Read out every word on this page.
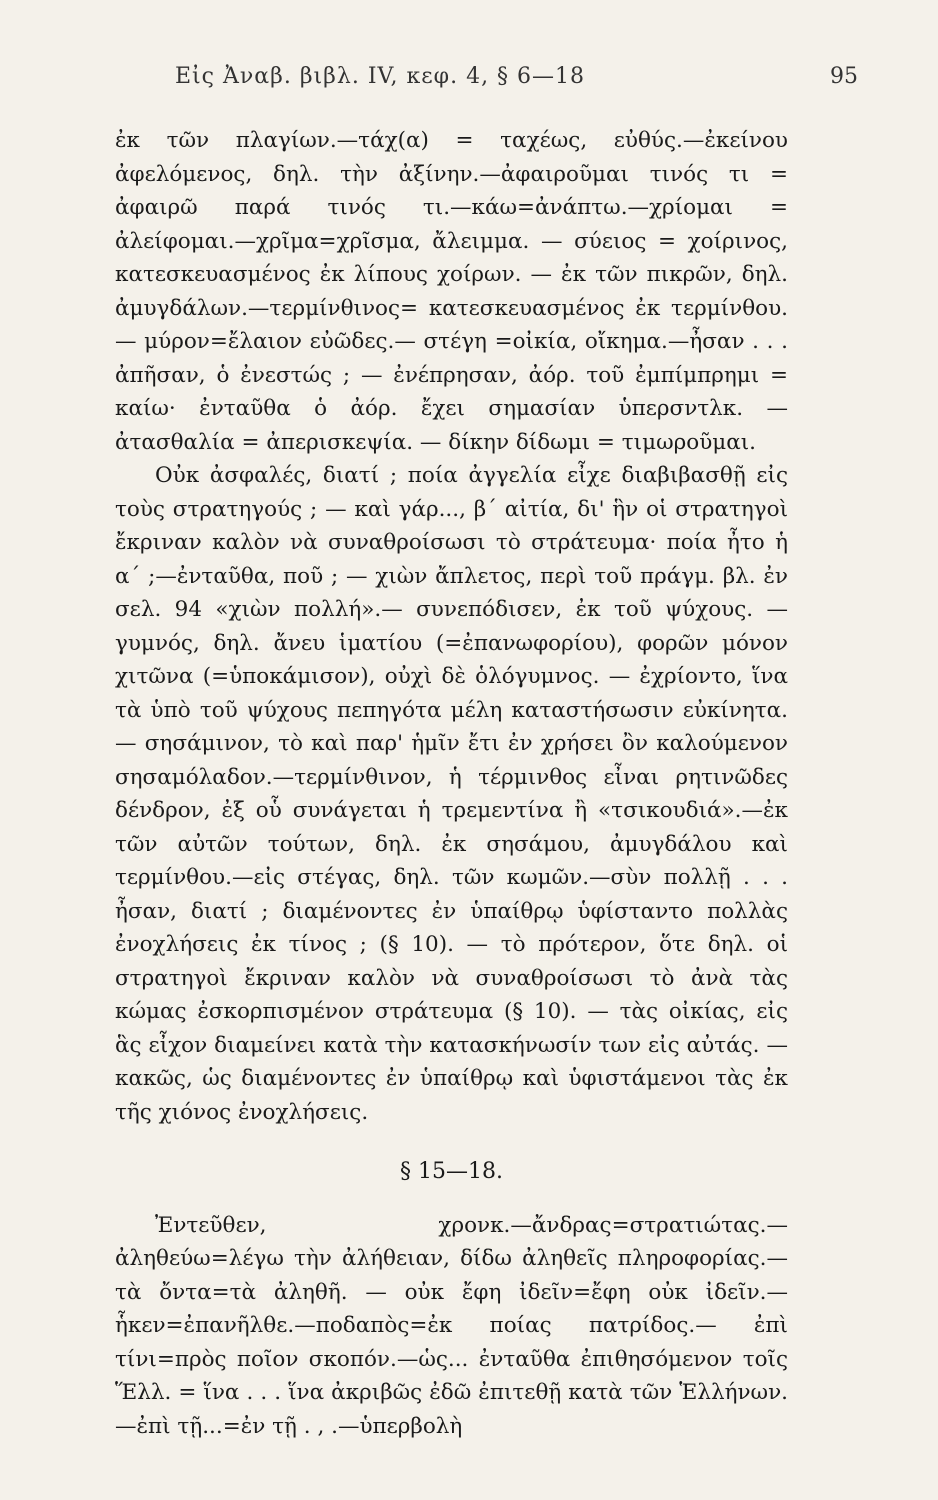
Εἰς Ἀναβ. βιβλ. IV, κεφ. 4, § 6—18	95

ἐκ τῶν πλαγίων.—τάχ(α) = ταχέως, εὐθύς.—ἐκείνου ἀφελόμενος, δηλ. τὴν ἀξίνην.—ἀφαιροῦμαι τινός τι = ἀφαιρῶ παρά τινός τι.—κάω=ἀνάπτω.—χρίομαι = ἀλείφομαι.—χρῖμα=χρῖσμα, ἄλειμμα. — σύειος = χοίρινος, κατεσκευασμένος ἐκ λίπους χοίρων. — ἐκ τῶν πικρῶν, δηλ. ἀμυγδάλων.—τερμίνθινος= κατεσκευασμένος ἐκ τερμίνθου.— μύρον=ἔλαιον εὐῶδες.— στέγη =οἰκία, οἴκημα.—ἦσαν . . . ἀπῆσαν, ὁ ἐνεστώς ; — ἐνέπρησαν, ἀόρ. τοῦ ἐμπίμπρημι = καίω· ἐνταῦθα ὁ ἀόρ. ἔχει σημασίαν ὑπερσντλκ. — ἀτασθαλία = ἀπερισκεψία. — δίκην δίδωμι = τιμωροῦμαι.

Οὐκ ἀσφαλές, διατί ; ποία ἀγγελία εἶχε διαβιβασθῇ εἰς τοὺς στρατηγούς ; — καὶ γάρ..., β΄ αἰτία, δι' ἣν οἱ στρατηγοὶ ἔκριναν καλὸν νὰ συναθροίσωσι τὸ στράτευμα· ποία ἦτο ἡ α΄ ;—ἐνταῦθα, ποῦ ; — χιὼν ἄπλετος, περὶ τοῦ πράγμ. βλ. ἐν σελ. 94 «χιὼν πολλή».— συνεπόδισεν, ἐκ τοῦ ψύχους. — γυμνός, δηλ. ἄνευ ἱματίου (=ἐπανωφορίου), φορῶν μόνον χιτῶνα (=ὑποκάμισον), οὐχὶ δὲ ὁλόγυμνος. — ἐχρίοντο, ἵνα τὰ ὑπὸ τοῦ ψύχους πεπηγότα μέλη καταστήσωσιν εὐκίνητα. — σησάμινον, τὸ καὶ παρ' ἡμῖν ἔτι ἐν χρήσει ὂν καλούμενον σησαμόλαδον.—τερμίνθινον, ἡ τέρμινθος εἶναι ρητινῶδες δένδρον, ἐξ οὗ συνάγεται ἡ τρεμεντίνα ἢ «τσικουδιά».—ἐκ τῶν αὐτῶν τούτων, δηλ. ἐκ σησάμου, ἀμυγδάλου καὶ τερμίνθου.—εἰς στέγας, δηλ. τῶν κωμῶν.—σὺν πολλῇ . . . ἦσαν, διατί ; διαμένοντες ἐν ὑπαίθρῳ ὑφίσταντο πολλὰς ἐνοχλήσεις ἐκ τίνος ; (§ 10). — τὸ πρότερον, ὅτε δηλ. οἱ στρατηγοὶ ἔκριναν καλὸν νὰ συναθροίσωσι τὸ ἀνὰ τὰς κώμας ἐσκορπισμένον στράτευμα (§ 10). — τὰς οἰκίας, εἰς ἃς εἶχον διαμείνει κατὰ τὴν κατασκήνωσίν των εἰς αὐτάς. — κακῶς, ὡς διαμένοντες ἐν ὑπαίθρῳ καὶ ὑφιστάμενοι τὰς ἐκ τῆς χιόνος ἐνοχλήσεις.

§ 15—18.

Ἐντεῦθεν, χρονκ.—ἄνδρας=στρατιώτας.— ἀληθεύω=λέγω τὴν ἀλήθειαν, δίδω ἀληθεῖς πληροφορίας.—τὰ ὄντα=τὰ ἀληθῆ. — οὐκ ἔφη ἰδεῖν=ἔφη οὐκ ἰδεῖν.—ἧκεν=ἐπανῆλθε.—ποδαπὸς=ἐκ ποίας πατρίδος.— ἐπὶ τίνι=πρὸς ποῖον σκοπόν.—ὡς... ἐνταῦθα ἐπιθησόμενον τοῖς Ἕλλ. = ἵνα . . . ἵνα ἀκριβῶς ἐδῶ ἐπιτεθῇ κατὰ τῶν Ἑλλήνων.—ἐπὶ τῇ...=ἐν τῇ . , .—ὑπερβολὴ
